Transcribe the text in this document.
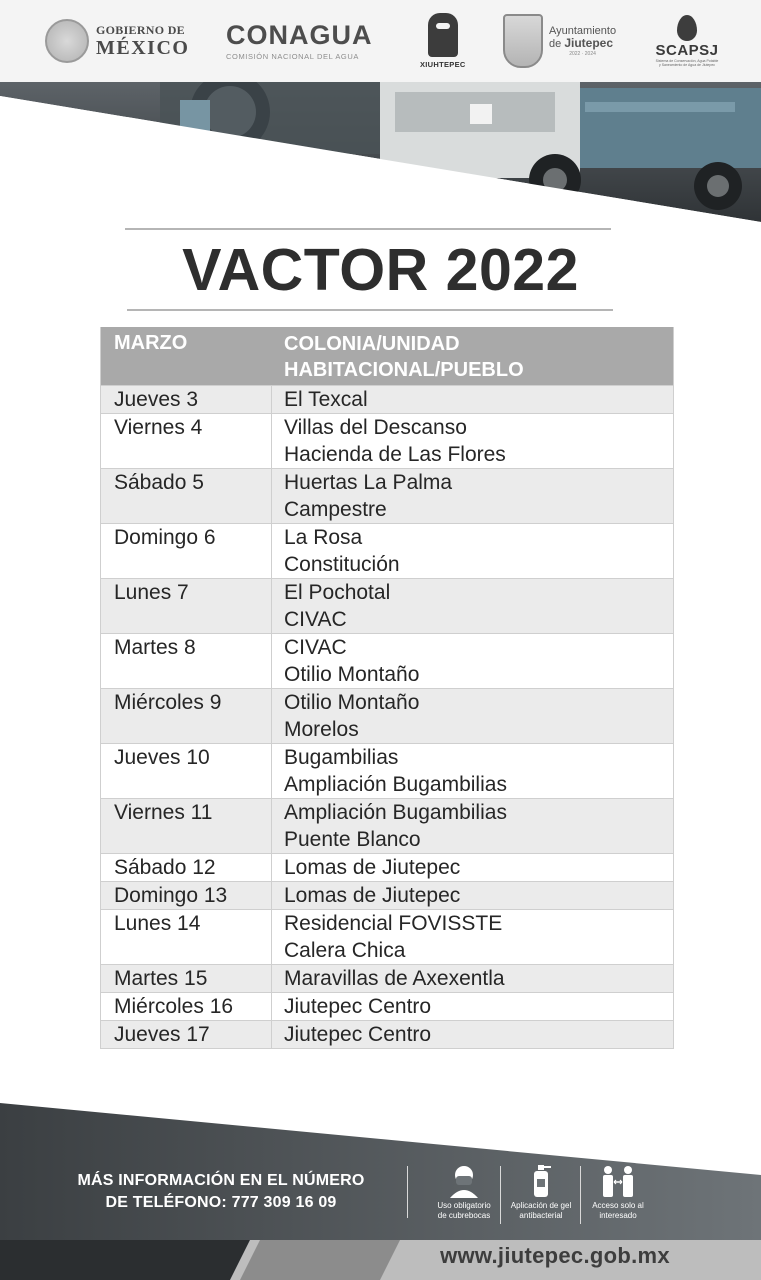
GOBIERNO DE
MÉXICO CONAGUA
COMISIÓN NACIONAL DEL AGUA
XIUHTEPEC
Ayuntamiento
de Jiutepec
2022 · 2024	SCAPSJ
Sistema de Conservación, Agua Potable y Saneamiento de Agua de Jiutepec
VACTOR 2022
MARZO	COLONIA/UNIDAD HABITACIONAL/PUEBLO
Jueves 3	El Texcal
Viernes 4	Villas del Descanso
Hacienda de Las Flores
Sábado 5	Huertas La Palma
Campestre
Domingo 6	La Rosa
Constitución
Lunes 7	El Pochotal
CIVAC
Martes 8	CIVAC
Otilio Montaño
Miércoles 9	Otilio Montaño
Morelos
Jueves 10	Bugambilias
Ampliación Bugambilias
Viernes 11	Ampliación Bugambilias
Puente Blanco
Sábado 12	Lomas de Jiutepec
Domingo 13	Lomas de Jiutepec
Lunes 14	Residencial FOVISSTE
Calera Chica
Martes 15	Maravillas de Axexentla
Miércoles 16	Jiutepec Centro
Jueves 17	Jiutepec Centro
MÁS INFORMACIÓN EN EL NÚMERO
DE TELÉFONO: 777 309 16 09	Uso obligatorio
de cubrebocas
Aplicación de gel
antibacterial
Acceso solo al
interesado
www.jiutepec.gob.mx
